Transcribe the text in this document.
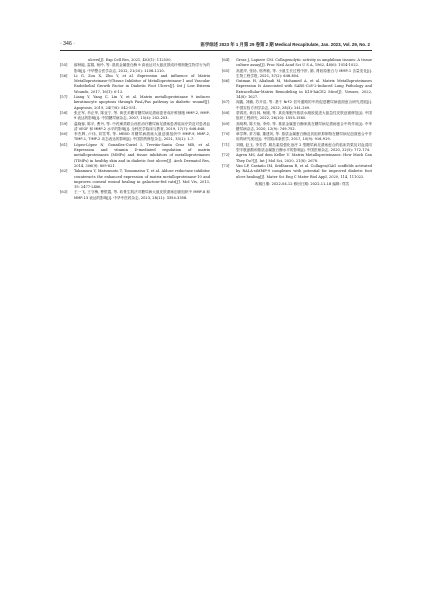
· 346 ·	医学综述 2023 年 1 月第 29 卷第 2 期 Medical Recapitulate, Jan. 2023, Vol. 29, No. 2
ulcers[J]. Exp Cell Res, 2021, 403(1): 112550.
[55]	薛种能, 雷娟, 杨玲, 等. 基质金属蛋白酶 9 高表达对大鼠皮肤成纤维细胞生物学行为的影响[J]. 中华整合医学杂志, 2012, 21(10): 1106-1110.
[56]	Li G, Zou X, Zhu Y, et al. Expression and influence of Matrix Metalloproteinase-9/Tissue Inhibitor of Metalloproteinase-1 and Vascular Endothelial Growth Factor in Diabetic Foot Ulcers[J]. Int J Low Extrem Wounds, 2017, 16(1): 6-13.
[57]	Liang Y, Yang C, Lin Y, et al. Matrix metalloproteinase 9 induces keratinocyte apoptosis through FasL/Fas pathway in diabetic wound[J]. Apoptosis, 2019, 24(7/8): 542-551.
[58]	张正军, 肖正华, 陈亚宁, 等. 黄芪多糖对糖尿病足溃疡患者成纤维细胞 MMP-2, MMP-9 表达的影响[J]. 中国糖尿病杂志, 2007, 15(4): 202-203.
[59]	温晓蓉, 陈平, 曹丹, 等. 中药熏蒸联合西医治疗糖尿病足溃疡患者临床疗效及对患者血清 VEGF 和 MMP-2 水平的影响[J]. 全科医学临床与教育, 2019, 17(7): 646-648.
[60]	李杰辉, 卢伟, 刘雪琴, 等. MEBO 对糖尿病溃疡大鼠创面组织中 MMP-9, MMP-2, TIMP-1, TIMP-2 动态表达的影响[J]. 中国损伤修复杂志, 2021, 33(1): 1-7.
[61]	López-López N, González-Curiel I, Treviño-Santa Cruz MB, et al. Expression and vitamin D-mediated regulation of matrix metalloproteinases (MMPs) and tissue inhibitors of metalloproteinases (TIMPs) in healthy skin and in diabetic foot ulcers[J]. Arch Dermatol Res, 2014, 306(9): 809-821.
[62]	Takamura Y, Matsumoto T, Tomomatsu T, et al. Aldose reductase inhibitor counteracts the enhanced expression of matrix metalloproteinase-10 and improves corneal wound healing in galactose-fed rats[J]. Mol Vis, 2013, 19: 2477-2486.
[63]	王一飞, 王守梅, 曹银霞, 等. 软膏生肌法对糖尿病大鼠皮肤溃疡创面组织中 MMP-8 和 MMP-13 表达的影响[J]. 中华中医药杂志, 2013, 28(11): 3354-3358.
[64]	Gross J, Lapiere CM. Collagenolytic activity in amphibian tissues: A tissue culture assay[J]. Proc Natl Acad Sci U S A, 1962, 48(6): 1014-1022.
[65]	高建岸, 张扬, 邢秀敏, 等. 小鼠生长过程中肝, 肺, 肾胶原蛋白与 MMP-1 含量变化[J]. 生物工程学报, 2021, 37(2): 646-654.
[66]	Gutman H, Aliabadi M, Mohamed A, et al. Matrix Metalloproteinases Expression Is Associated with SARS-CoV-2-Induced Lung Pathology and Extracellular-Matrix Remodeling in K18-hACE2 Mice[J]. Viruses, 2022, 14(8): 1627.
[67]	闻鑫, 刘鹏, 苏开浩, 等. 基于 NrF2 信号通路的中药促进糖尿病创面愈合研究进展[J]. 中国实验方剂学杂志, 2022, 28(3): 241-249.
[68]	蒙鸿亮, 黄自林, 杨刚, 等. 真皮细胞外基质水凝胶促进大鼠急性皮肤创面修复[J]. 中国组织工程研究, 2022, 26(10): 1555-1560.
[69]	高明利, 陈天怡, 李仲, 等. 基质金属蛋白酶家族在糖尿病足溃疡愈合中的作用[J]. 中华糖尿病杂志, 2020, 12(9): 749-752.
[70]	章学辉, 常方娜, 董建风, 等. 基质金属蛋白酶及其组织抑制物在糖尿病足创面愈合中作用的研究现况[J]. 中国临床新医学, 2017, 10(9): 916-919.
[71]	刘刚, 赵玉, 李芳君. 胰岛素泵强化治疗 2 型糖尿病足溃疡愈合的临床效果及对血清同型半胱氨酸和基质金属蛋白酶水平的影响[J]. 中国医师杂志, 2020, 22(5): 772-774.
[72]	Agren MS, Auf dem Keller U. Matrix Metalloproteinases: How Much Can They Do?[J]. Int J Mol Sci, 2020, 21(8): 2678.
[73]	Van LP, Castaño IM, Sridharan R, et al. Collagen/GAG scaffolds activated by RALA-siMMP-9 complexes with potential for improved diabetic foot ulcer healing[J]. Mater Sci Eng C Mater Biol Appl, 2020, 114, 111022.
收稿日期: 2022-04-12 修回日期: 2022-11-18 编辑: 郑雪
